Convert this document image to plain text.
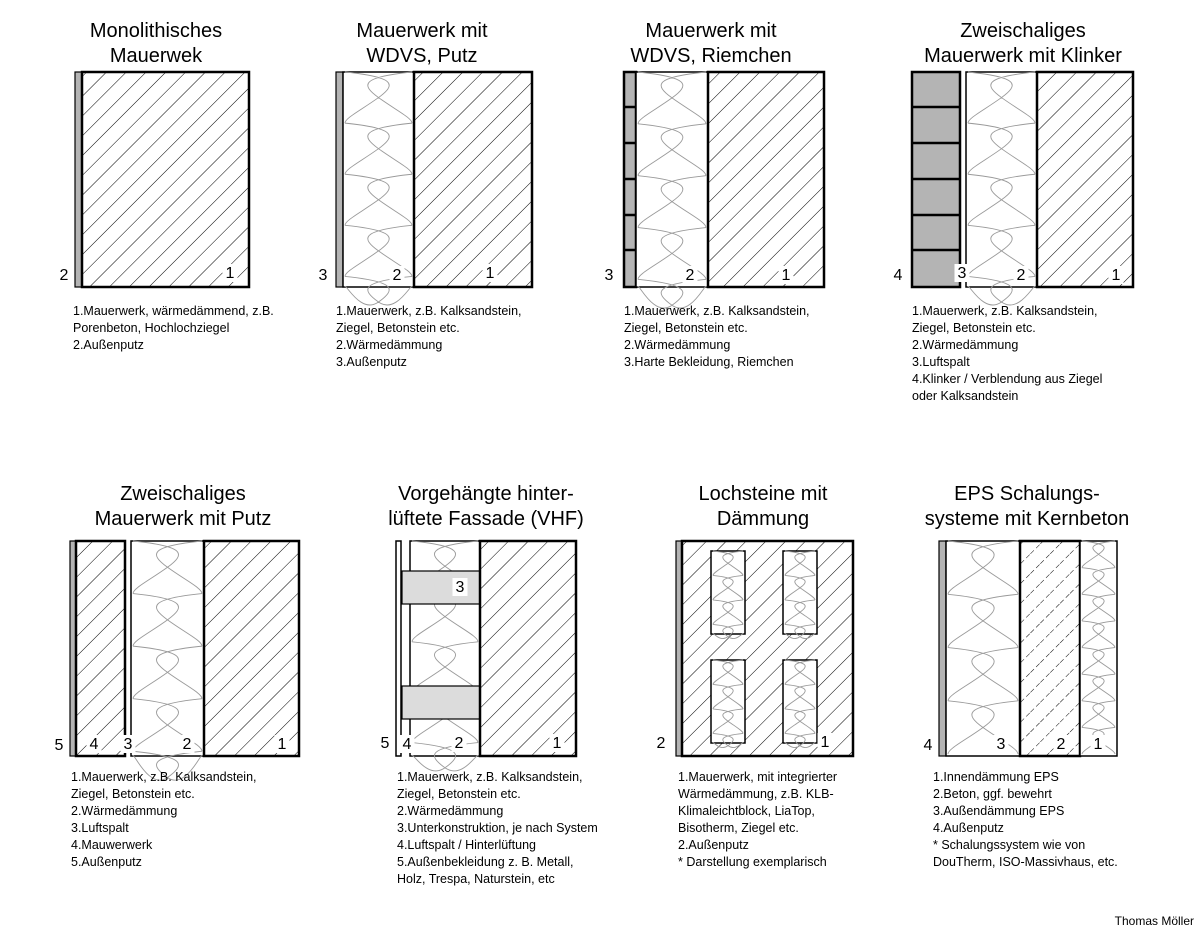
Monolithisches
Mauerwek
2	1
1.Mauerwerk, wärmedämmend, z.B.
Porenbeton, Hochlochziegel
2.Außenputz
Mauerwerk mit
WDVS, Putz
3	2	1
1.Mauerwerk, z.B. Kalksandstein,
Ziegel, Betonstein etc.
2.Wärmedämmung
3.Außenputz
Mauerwerk mit
WDVS, Riemchen
3	2	1
1.Mauerwerk, z.B. Kalksandstein,
Ziegel, Betonstein etc.
2.Wärmedämmung
3.Harte Bekleidung, Riemchen
Zweischaliges
Mauerwerk mit Klinker
4	3	2	1
1.Mauerwerk, z.B. Kalksandstein,
Ziegel, Betonstein etc.
2.Wärmedämmung
3.Luftspalt
4.Klinker / Verblendung aus Ziegel
oder Kalksandstein
Zweischaliges
Mauerwerk mit Putz
5 4 3	2	1
1.Mauerwerk, z.B. Kalksandstein,
Ziegel, Betonstein etc.
2.Wärmedämmung
3.Luftspalt
4.Mauwerwerk
5.Außenputz
Vorgehängte hinter-
lüftete Fassade (VHF)
3
5 4	2	1
1.Mauerwerk, z.B. Kalksandstein,
Ziegel, Betonstein etc.
2.Wärmedämmung
3.Unterkonstruktion, je nach System
4.Luftspalt / Hinterlüftung
5.Außenbekleidung z. B. Metall,
Holz, Trespa, Naturstein, etc
Lochsteine mit
Dämmung
2	1
1.Mauerwerk, mit integrierter
Wärmedämmung, z.B. KLB-
Klimaleichtblock, LiaTop,
Bisotherm, Ziegel etc.
2.Außenputz
* Darstellung exemplarisch
EPS Schalungs-
systeme mit Kernbeton
4	3	2 1
1.Innendämmung EPS
2.Beton, ggf. bewehrt
3.Außendämmung EPS
4.Außenputz
* Schalungssystem wie von
DouTherm, ISO-Massivhaus, etc.
Thomas Möller
